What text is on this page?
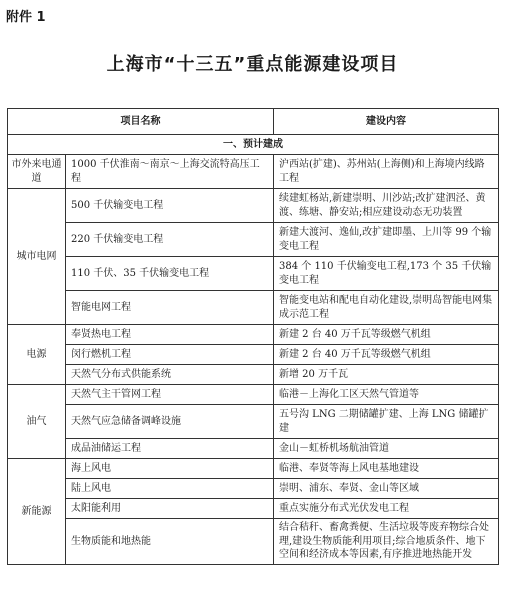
附件 1
上海市“十三五”重点能源建设项目
项目名称		建设内容
一、预计建成		
市外来电通道	1000 千伏淮南～南京～上海交流特高压工程	沪西站(扩建)、苏州站(上海侧)和上海境内线路工程
城市电网	500 千伏输变电工程	续建虹杨站,新建崇明、川沙站;改扩建泗泾、黄渡、练塘、静安站;相应建设动态无功装置
	220 千伏输变电工程	新建大渡河、逸仙,改扩建即墨、上川等 99 个输变电工程
	110 千伏、35 千伏输变电工程	384 个 110 千伏输变电工程,173 个 35 千伏输变电工程
	智能电网工程	智能变电站和配电自动化建设,崇明岛智能电网集成示范工程
电源	奉贤热电工程	新建 2 台 40 万千瓦等级燃气机组
	闵行燃机工程	新建 2 台 40 万千瓦等级燃气机组
	天然气分布式供能系统	新增 20 万千瓦
油气	天然气主干管网工程	临港－上海化工区天然气管道等
	天然气应急储备调峰设施	五号沟 LNG 二期储罐扩建、上海 LNG 储罐扩建
	成品油储运工程	金山－虹桥机场航油管道
新能源	海上风电	临港、奉贤等海上风电基地建设
	陆上风电	崇明、浦东、奉贤、金山等区域
	太阳能利用	重点实施分布式光伏发电工程
	生物质能和地热能	结合秸秆、畜禽粪便、生活垃圾等废弃物综合处理,建设生物质能利用项目;综合地质条件、地下空间和经济成本等因素,有序推进地热能开发
